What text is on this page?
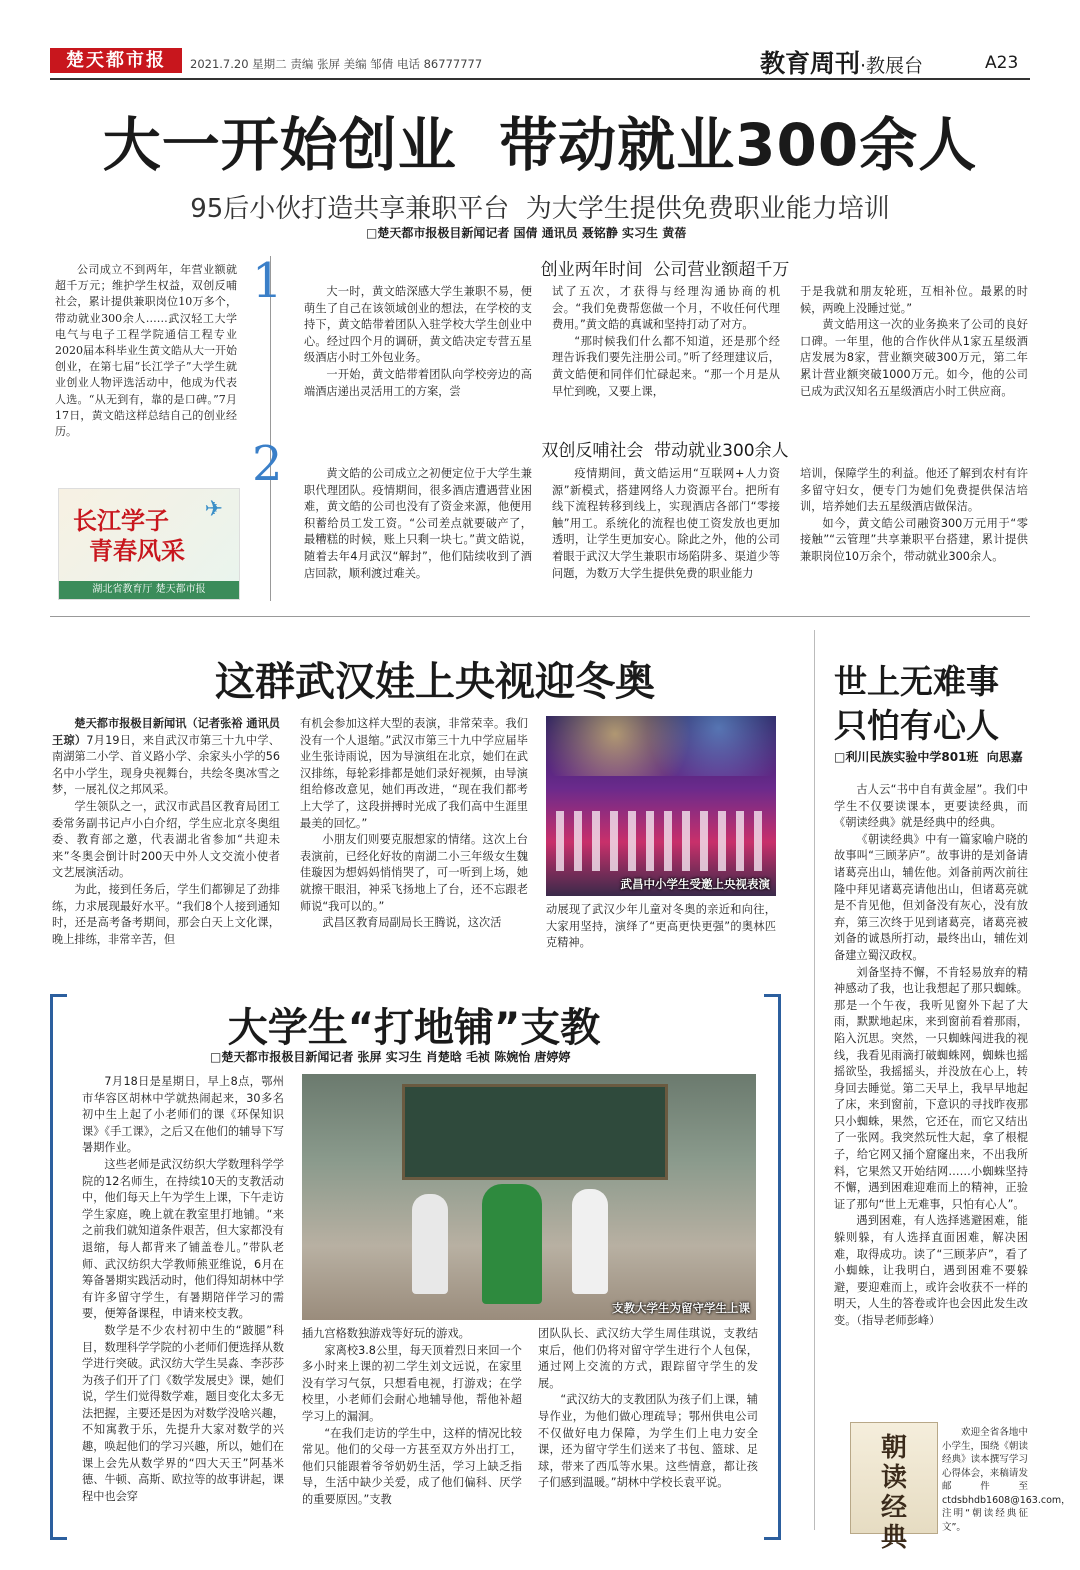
楚天都市报	2021.7.20 星期二 责编 张屏 美编 邹倩 电话 86777777	教育周刊·教展台	A23
大一开始创业  带动就业300余人
95后小伙打造共享兼职平台  为大学生提供免费职业能力培训
□楚天都市报极目新闻记者 国倩 通讯员 聂铭静 实习生 黄蓓

公司成立不到两年，年营业额就超千万元；维护学生权益，双创反哺社会，累计提供兼职岗位10万多个，带动就业300余人……武汉轻工大学电气与电子工程学院通信工程专业2020届本科毕业生黄文皓从大一开始创业，在第七届“长江学子”大学生就业创业人物评选活动中，他成为代表人选。“从无到有，靠的是口碑。”7月17日，黄文皓这样总结自己的创业经历。

长江学子
青春风采
✈
湖北省教育厅 楚天都市报
1	创业两年时间  公司营业额超千万

大一时，黄文皓深感大学生兼职不易，便萌生了自己在该领域创业的想法，在学校的支持下，黄文皓带着团队入驻学校大学生创业中心。经过四个月的调研，黄文皓决定专营五星级酒店小时工外包业务。

一开始，黄文皓带着团队向学校旁边的高端酒店递出灵活用工的方案，尝

试了五次，才获得与经理沟通协商的机会。“我们免费帮您做一个月，不收任何代理费用。”黄文皓的真诚和坚持打动了对方。

“那时候我们什么都不知道，还是那个经理告诉我们要先注册公司。”听了经理建议后，黄文皓便和同伴们忙碌起来。“那一个月是从早忙到晚，又要上课，

于是我就和朋友轮班，互相补位。最累的时候，两晚上没睡过觉。”

黄文皓用这一次的业务换来了公司的良好口碑。一年里，他的合作伙伴从1家五星级酒店发展为8家，营业额突破300万元，第二年累计营业额突破1000万元。如今，他的公司已成为武汉知名五星级酒店小时工供应商。

2	双创反哺社会  带动就业300余人

黄文皓的公司成立之初便定位于大学生兼职代理团队。疫情期间，很多酒店遭遇营业困难，黄文皓的公司也没有了资金来源，他便用积蓄给员工发工资。“公司差点就要破产了，最糟糕的时候，账上只剩一块七。”黄文皓说，随着去年4月武汉“解封”，他们陆续收到了酒店回款，顺利渡过难关。

疫情期间，黄文皓运用“互联网+人力资源”新模式，搭建网络人力资源平台。把所有线下流程转移到线上，实现酒店各部门“零接触”用工。系统化的流程也使工资发放也更加透明，让学生更加安心。除此之外，他的公司着眼于武汉大学生兼职市场陷阱多、渠道少等问题，为数万大学生提供免费的职业能力

培训，保障学生的利益。他还了解到农村有许多留守妇女，便专门为她们免费提供保洁培训，培养她们去五星级酒店做保洁。

如今，黄文皓公司融资300万元用于“零接触”“云管理”共享兼职平台搭建，累计提供兼职岗位10万余个，带动就业300余人。

这群武汉娃上央视迎冬奥

楚天都市报极目新闻讯（记者张裕 通讯员王琼）7月19日，来自武汉市第三十九中学、南湖第二小学、首义路小学、余家头小学的56名中小学生，现身央视舞台，共绘冬奥冰雪之梦，一展礼仪之邦风采。

学生领队之一，武汉市武昌区教育局团工委常务副书记卢小白介绍，学生应北京冬奥组委、教育部之邀，代表湖北省参加“共迎未来”冬奥会倒计时200天中外人文交流小使者文艺展演活动。

为此，接到任务后，学生们都铆足了劲排练，力求展现最好水平。“我们8个人接到通知时，还是高考备考期间，那会白天上文化课，晚上排练，非常辛苦，但

有机会参加这样大型的表演，非常荣幸。我们没有一个人退缩。”武汉市第三十九中学应届毕业生张诗雨说，因为导演组在北京，她们在武汉排练，每轮彩排都是她们录好视频，由导演组给修改意见，她们再改进，“现在我们都考上大学了，这段拼搏时光成了我们高中生涯里最美的回忆。”

小朋友们则要克服想家的情绪。这次上台表演前，已经化好妆的南湖二小三年级女生魏佳璇因为想妈妈悄悄哭了，可一听到上场，她就擦干眼泪，神采飞扬地上了台，还不忘跟老师说“我可以的。”

武昌区教育局副局长王腾说，这次活

武昌中小学生受邀上央视表演

动展现了武汉少年儿童对冬奥的亲近和向往，大家用坚持，演绎了“更高更快更强”的奥林匹克精神。

大学生“打地铺”支教
□楚天都市报极目新闻记者 张屏 实习生 肖楚晗 毛祯 陈婉怡 唐婷婷

7月18日是星期日，早上8点，鄂州市华容区胡林中学就热闹起来，30多名初中生上起了小老师们的课《环保知识课》《手工课》，之后又在他们的辅导下写暑期作业。

这些老师是武汉纺织大学数理科学学院的12名师生，在持续10天的支教活动中，他们每天上午为学生上课，下午走访学生家庭，晚上就在教室里打地铺。“来之前我们就知道条件艰苦，但大家都没有退缩，每人都背来了铺盖卷儿。”带队老师、武汉纺织大学教师熊亚维说，6月在筹备暑期实践活动时，他们得知胡林中学有许多留守学生，有暑期陪伴学习的需要，便筹备课程，申请来校支教。

数学是不少农村初中生的“跛腿”科目，数理科学学院的小老师们便选择从数学进行突破。武汉纺大学生吴淼、李莎莎为孩子们开了门《数学发展史》课，她们说，学生们觉得数学难，题目变化太多无法把握，主要还是因为对数学没啥兴趣，不知寓教于乐，先提升大家对数学的兴趣，唤起他们的学习兴趣，所以，她们在课上会先从数学界的“四大天王”阿基米德、牛顿、高斯、欧拉等的故事讲起，课程中也会穿

支教大学生为留守学生上课

插九宫格数独游戏等好玩的游戏。

家离校3.8公里，每天顶着烈日来回一个多小时来上课的初二学生刘文远说，在家里没有学习气氛，只想看电视，打游戏；在学校里，小老师们会耐心地辅导他，帮他补超学习上的漏洞。

“在我们走访的学生中，这样的情况比较常见。他们的父母一方甚至双方外出打工，他们只能跟着爷爷奶奶生活，学习上缺乏指导，生活中缺少关爱，成了他们偏科、厌学的重要原因。”支教

团队队长、武汉纺大学生周佳琪说，支教结束后，他们仍将对留守学生进行个人包保，通过网上交流的方式，跟踪留守学生的发展。

“武汉纺大的支教团队为孩子们上课，辅导作业，为他们做心理疏导；鄂州供电公司不仅做好电力保障，为学生们上电力安全课，还为留守学生们送来了书包、篮球、足球，带来了西瓜等水果。这些情意，都让孩子们感到温暖。”胡林中学校长袁平说。

世上无难事
只怕有心人
□利川民族实验中学801班  向思嘉

古人云“书中自有黄金屋”。我们中学生不仅要读课本，更要读经典，而《朝读经典》就是经典中的经典。

《朝读经典》中有一篇家喻户晓的故事叫“三顾茅庐”。故事讲的是刘备请诸葛亮出山，辅佐他。刘备前两次前往隆中拜见诸葛亮请他出山，但诸葛亮就是不肯见他，但刘备没有灰心，没有放弃，第三次终于见到诸葛亮，诸葛亮被刘备的诚恳所打动，最终出山，辅佐刘备建立蜀汉政权。

刘备坚持不懈，不肯轻易放弃的精神感动了我，也让我想起了那只蜘蛛。那是一个午夜，我听见窗外下起了大雨，默默地起床，来到窗前看着那雨，陷入沉思。突然，一只蜘蛛闯进我的视线，我看见雨滴打破蜘蛛网，蜘蛛也摇摇欲坠，我摇摇头，并没放在心上，转身回去睡觉。第二天早上，我早早地起了床，来到窗前，下意识的寻找昨夜那只小蜘蛛，果然，它还在，而它又结出了一张网。我突然玩性大起，拿了根棍子，给它网又捅个窟窿出来，不出我所料，它果然又开始结网……小蜘蛛坚持不懈，遇到困难迎难而上的精神，正验证了那句“世上无难事，只怕有心人”。

遇到困难，有人选择逃避困难，能躲则躲，有人选择直面困难，解决困难，取得成功。读了“三顾茅庐”，看了小蜘蛛，让我明白，遇到困难不要躲避，要迎难而上，或许会收获不一样的明天，人生的答卷或许也会因此发生改变。（指导老师彭峰）

朝读经典

欢迎全省各地中小学生，围绕《朝读经典》读本撰写学习心得体会，来稿请发邮件至ctdsbhdb1608@163.com，注明“朝读经典征文”。
